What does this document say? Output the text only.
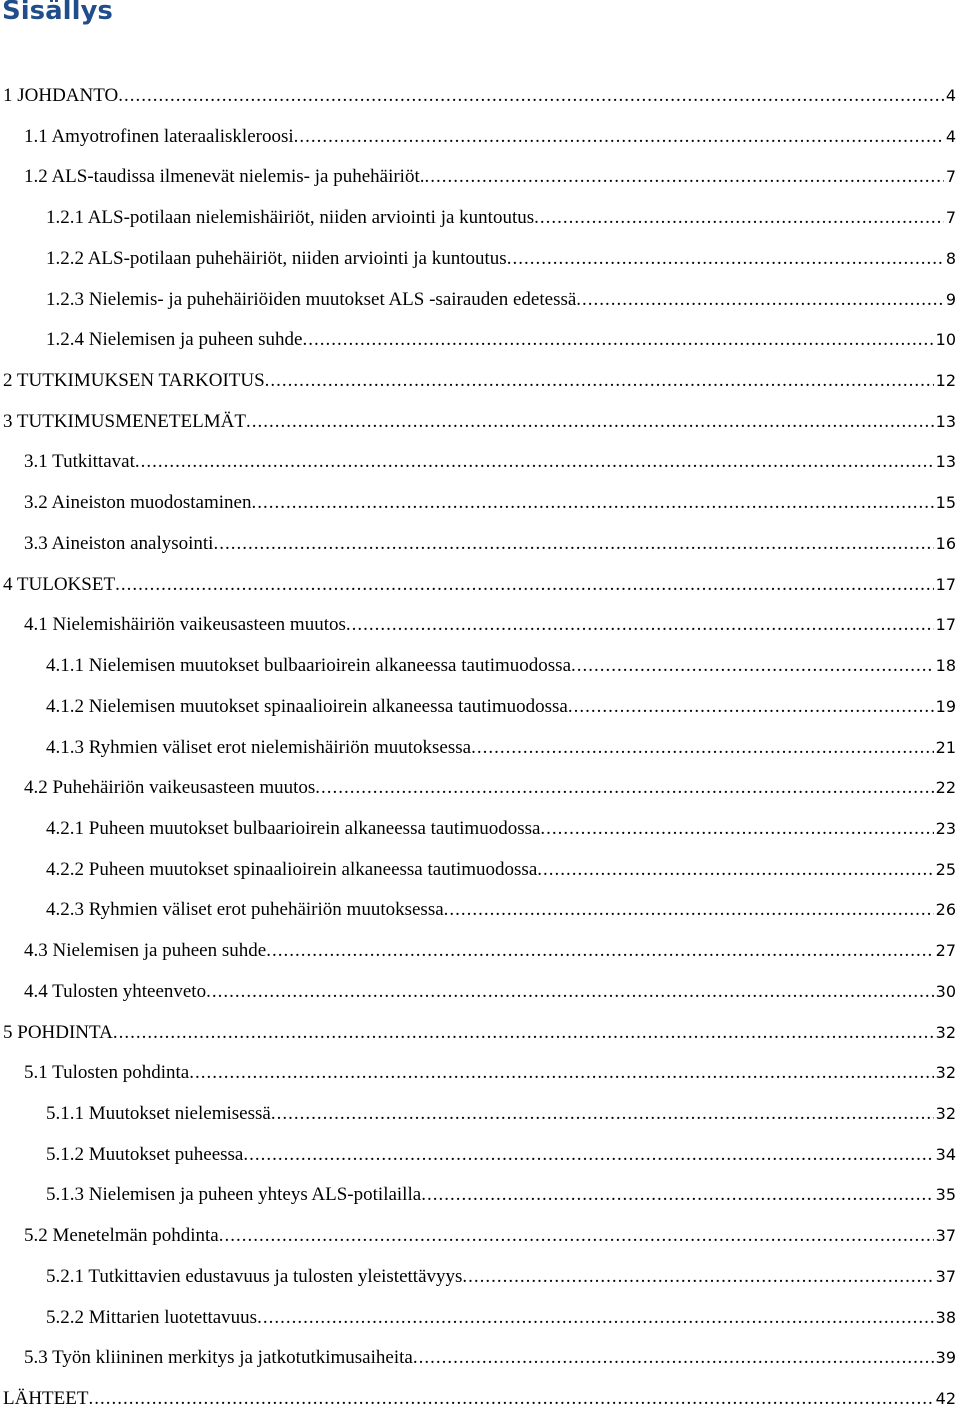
Sisällys
1 JOHDANTO .....	4
1.1 Amyotrofinen lateraaliskleroosi .....	4
1.2 ALS-taudissa ilmenevät nielemis- ja puhehäiriöt. .....	7
1.2.1 ALS-potilaan nielemishäiriöt, niiden arviointi ja kuntoutus .....	7
1.2.2 ALS-potilaan puhehäiriöt, niiden arviointi ja kuntoutus .....	8
1.2.3 Nielemis- ja puhehäiriöiden muutokset ALS -sairauden edetessä .....	9
1.2.4 Nielemisen ja puheen suhde .....	10
2 TUTKIMUKSEN TARKOITUS .....	12
3 TUTKIMUSMENETELMÄT .....	13
3.1 Tutkittavat .....	13
3.2 Aineiston muodostaminen .....	15
3.3 Aineiston analysointi .....	16
4 TULOKSET .....	17
4.1 Nielemishäiriön vaikeusasteen muutos .....	17
4.1.1 Nielemisen muutokset bulbaarioirein alkaneessa tautimuodossa .....	18
4.1.2 Nielemisen muutokset spinaalioirein alkaneessa tautimuodossa .....	19
4.1.3 Ryhmien väliset erot nielemishäiriön muutoksessa .....	21
4.2 Puhehäiriön vaikeusasteen muutos .....	22
4.2.1 Puheen muutokset bulbaarioirein alkaneessa tautimuodossa .....	23
4.2.2 Puheen muutokset spinaalioirein alkaneessa tautimuodossa .....	25
4.2.3 Ryhmien väliset erot puhehäiriön muutoksessa .....	26
4.3 Nielemisen ja puheen suhde .....	27
4.4 Tulosten yhteenveto .....	30
5 POHDINTA .....	32
5.1 Tulosten pohdinta .....	32
5.1.1 Muutokset nielemisessä .....	32
5.1.2 Muutokset puheessa .....	34
5.1.3 Nielemisen ja puheen yhteys ALS-potilailla .....	35
5.2 Menetelmän pohdinta .....	37
5.2.1 Tutkittavien edustavuus ja tulosten yleistettävyys .....	37
5.2.2 Mittarien luotettavuus .....	38
5.3 Työn kliininen merkitys ja jatkotutkimusaiheita .....	39
LÄHTEET .....	42
